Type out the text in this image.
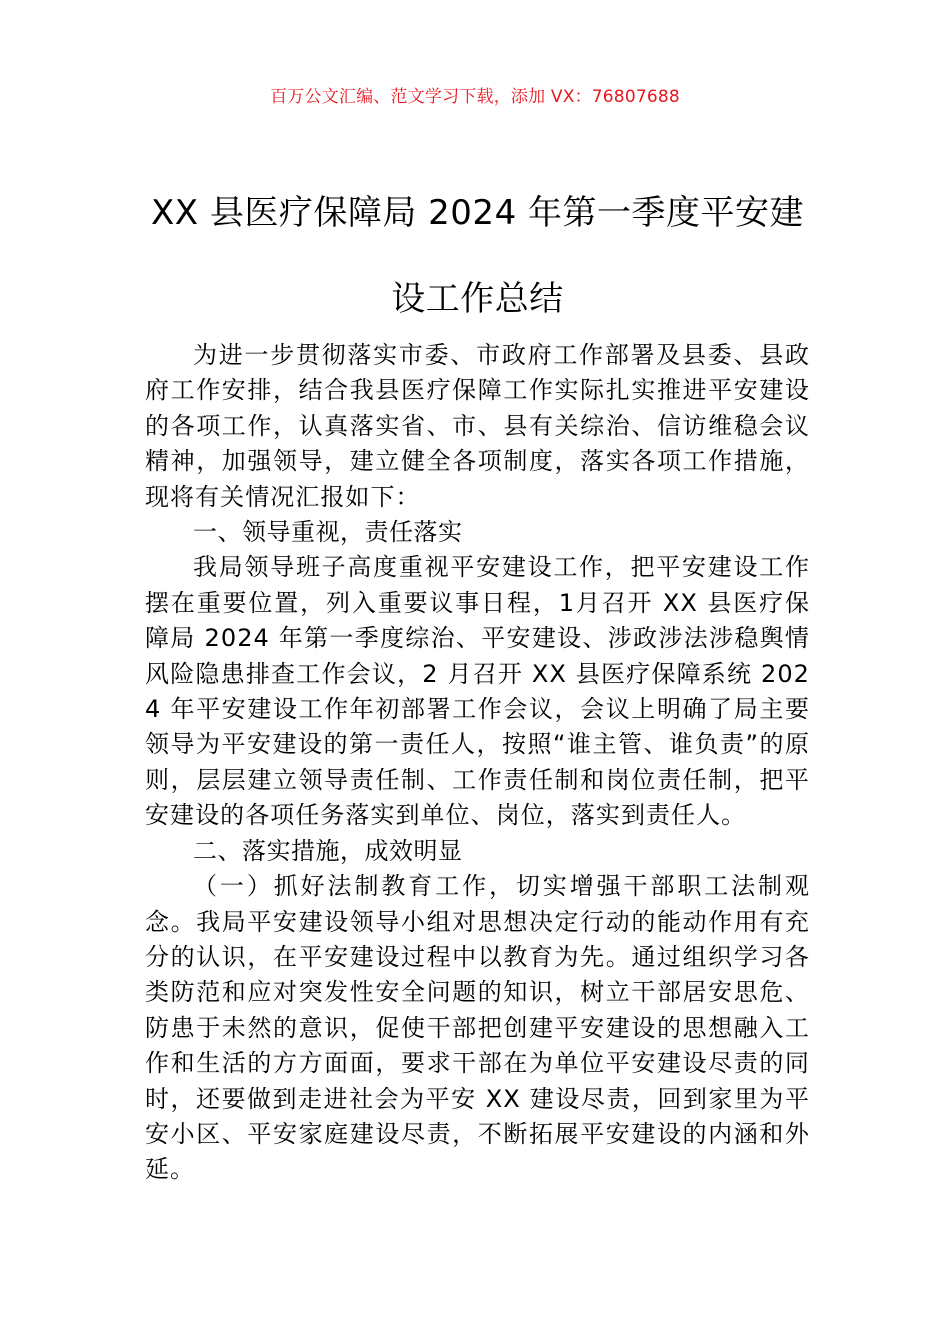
百万公文汇编、范文学习下载，添加 VX：76807688
XX 县医疗保障局 2024 年第一季度平安建
设工作总结

为进一步贯彻落实市委、市政府工作部署及县委、县政府工作安排，结合我县医疗保障工作实际扎实推进平安建设的各项工作，认真落实省、市、县有关综治、信访维稳会议精神，加强领导，建立健全各项制度，落实各项工作措施，现将有关情况汇报如下：

一、领导重视，责任落实

我局领导班子高度重视平安建设工作，把平安建设工作摆在重要位置，列入重要议事日程，1月召开 XX 县医疗保障局 2024 年第一季度综治、平安建设、涉政涉法涉稳舆情风险隐患排查工作会议，2 月召开 XX 县医疗保障系统 2024 年平安建设工作年初部署工作会议，会议上明确了局主要领导为平安建设的第一责任人，按照“谁主管、谁负责”的原则，层层建立领导责任制、工作责任制和岗位责任制，把平安建设的各项任务落实到单位、岗位，落实到责任人。

二、落实措施，成效明显

（一）抓好法制教育工作，切实增强干部职工法制观念。我局平安建设领导小组对思想决定行动的能动作用有充分的认识，在平安建设过程中以教育为先。通过组织学习各类防范和应对突发性安全问题的知识，树立干部居安思危、防患于未然的意识，促使干部把创建平安建设的思想融入工作和生活的方方面面，要求干部在为单位平安建设尽责的同时，还要做到走进社会为平安 XX 建设尽责，回到家里为平安小区、平安家庭建设尽责，不断拓展平安建设的内涵和外延。
